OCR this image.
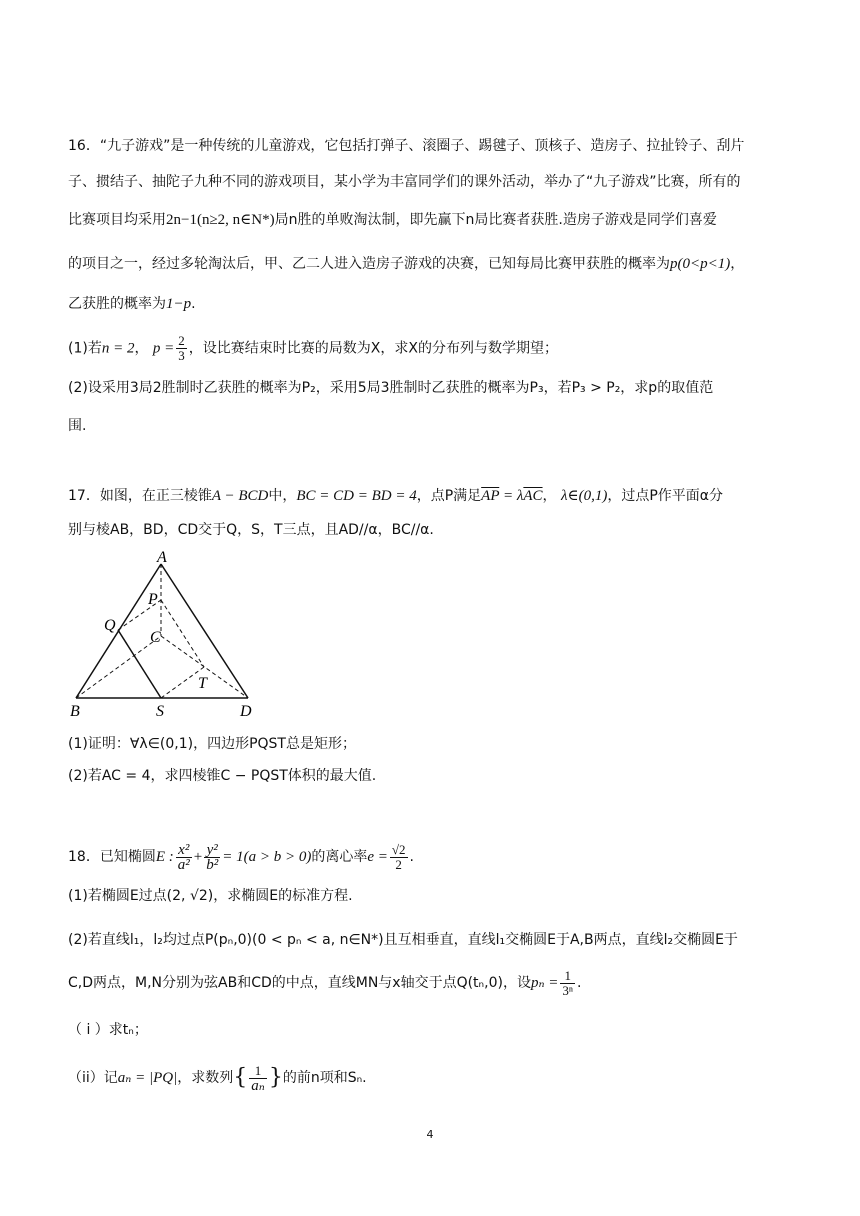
16．“九子游戏”是一种传统的儿童游戏，它包括打弹子、滚圈子、踢毽子、顶核子、造房子、拉扯铃子、刮片
子、掼结子、抽陀子九种不同的游戏项目，某小学为丰富同学们的课外活动，举办了“九子游戏”比赛，所有的
比赛项目均采用2n−1(n≥2, n∈N*)局n胜的单败淘汰制，即先赢下n局比赛者获胜.造房子游戏是同学们喜爱
的项目之一，经过多轮淘汰后，甲、乙二人进入造房子游戏的决赛，已知每局比赛甲获胜的概率为p(0<p<1)，
乙获胜的概率为1−p.
(1)若n = 2， $p = \frac{2}{3}$ ，设比赛结束时比赛的局数为X，求X的分布列与数学期望；
(2)设采用3局2胜制时乙获胜的概率为P₂，采用5局3胜制时乙获胜的概率为P₃，若P₃ > P₂，求p的取值范
围.
17．如图，在正三棱锥A − BCD中，BC = CD = BD = 4，点P满足$\overline{AP} = \lambda\overline{AC}$， λ∈(0,1)，过点P作平面α分
别与棱AB，BD，CD交于Q，S，T三点，且AD//α，BC//α.
A
P
Q
C
T
B	S	D
(1)证明：∀λ∈(0,1)，四边形PQST总是矩形；
(2)若AC = 4，求四棱锥C − PQST体积的最大值.
18．已知椭圆E : $\frac{\text{x²}}{\text{a²}} + \frac{\text{y²}}{\text{b²}} = 1(a > b > 0)$的离心率$e = \frac{√2}{2}$ .
(1)若椭圆E过点(2, √2)，求椭圆E的标准方程.
(2)若直线l₁，l₂均过点P(pₙ,0)(0 < pₙ < a, n∈N*)且互相垂直，直线l₁交椭圆E于A,B两点，直线l₂交椭圆E于
C,D两点，M,N分别为弦AB和CD的中点，直线MN与x轴交于点Q(tₙ,0)，设$p_n = \frac{1}{\text{3ⁿ}}$ .
（ i ）求tₙ；
（ii）记aₙ = |PQ|，求数列{ $\frac{1}{\text{aₙ}}$ }的前n项和Sₙ.
4
